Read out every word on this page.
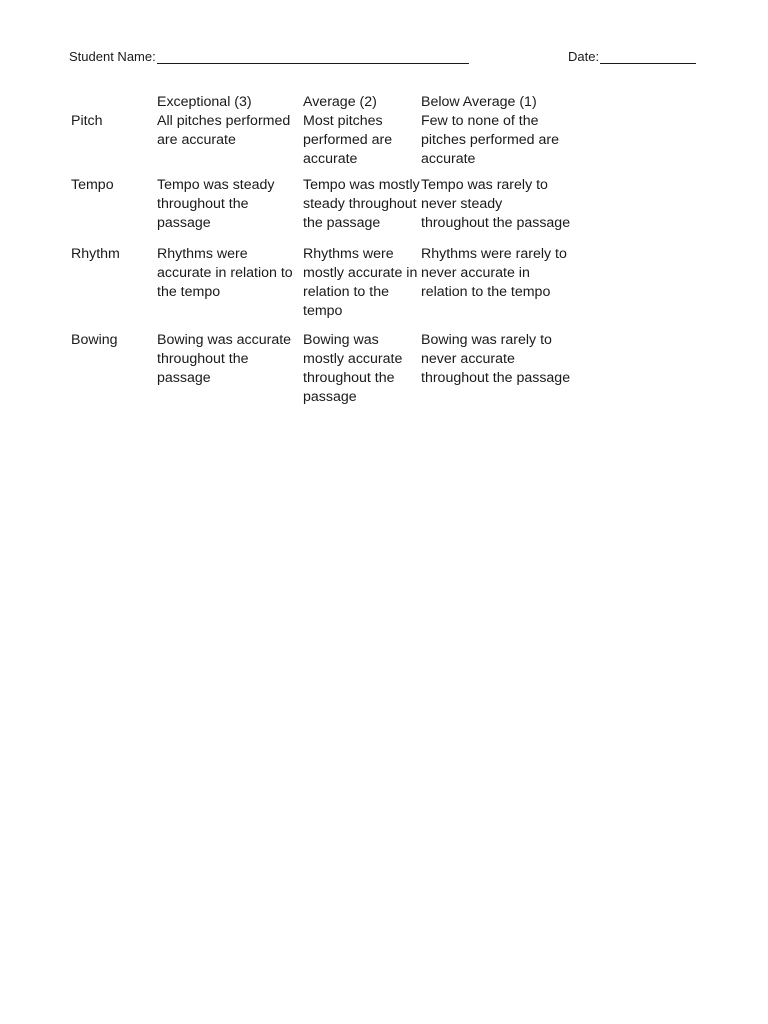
Student Name:	Date:
	Exceptional (3)	Average (2)	Below Average (1)
Pitch	All pitches performed are accurate	Most pitches performed are accurate	Few to none of the pitches performed are accurate
Tempo	Tempo was steady throughout the passage	Tempo was mostly steady throughout the passage	Tempo was rarely to never steady throughout the passage
Rhythm	Rhythms were accurate in relation to the tempo	Rhythms were mostly accurate in relation to the tempo	Rhythms were rarely to never accurate in relation to the tempo
Bowing	Bowing was accurate throughout the passage	Bowing was mostly accurate throughout the passage	Bowing was rarely to never accurate throughout the passage
